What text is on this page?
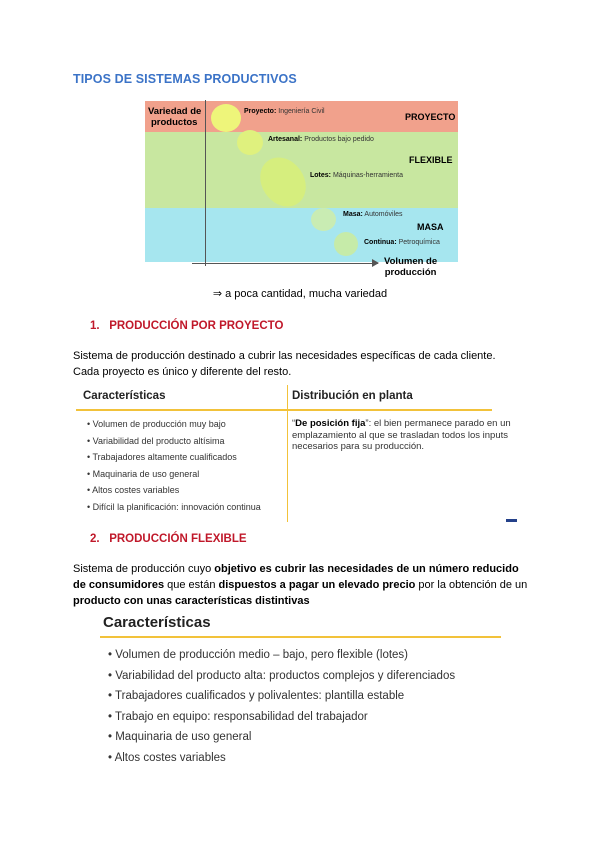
TIPOS DE SISTEMAS PRODUCTIVOS
Variedad de
productos
Proyecto: Ingeniería Civil
Artesanal: Productos bajo pedido
Lotes: Máquinas-herramienta
Masa: Automóviles
Continua: Petroquímica
PROYECTO
FLEXIBLE
MASA
Volumen de
producción
⇒ a poca cantidad, mucha variedad
1. PRODUCCIÓN POR PROYECTO
Sistema de producción destinado a cubrir las necesidades específicas de cada cliente.
Cada proyecto es único y diferente del resto.
Características	Distribución en planta
• Volumen de producción muy bajo
• Variabilidad del producto altísima
• Trabajadores altamente cualificados
• Maquinaria de uso general
• Altos costes variables
• Difícil la planificación: innovación continua
“De posición fija”: el bien permanece parado en un emplazamiento al que se trasladan todos los inputs necesarios para su producción.
2. PRODUCCIÓN FLEXIBLE
Sistema de producción cuyo objetivo es cubrir las necesidades de un número reducido de consumidores que están dispuestos a pagar un elevado precio por la obtención de un producto con unas características distintivas
Características
• Volumen de producción medio – bajo, pero flexible (lotes)
• Variabilidad del producto alta: productos complejos y diferenciados
• Trabajadores cualificados y polivalentes: plantilla estable
• Trabajo en equipo: responsabilidad del trabajador
• Maquinaria de uso general
• Altos costes variables
